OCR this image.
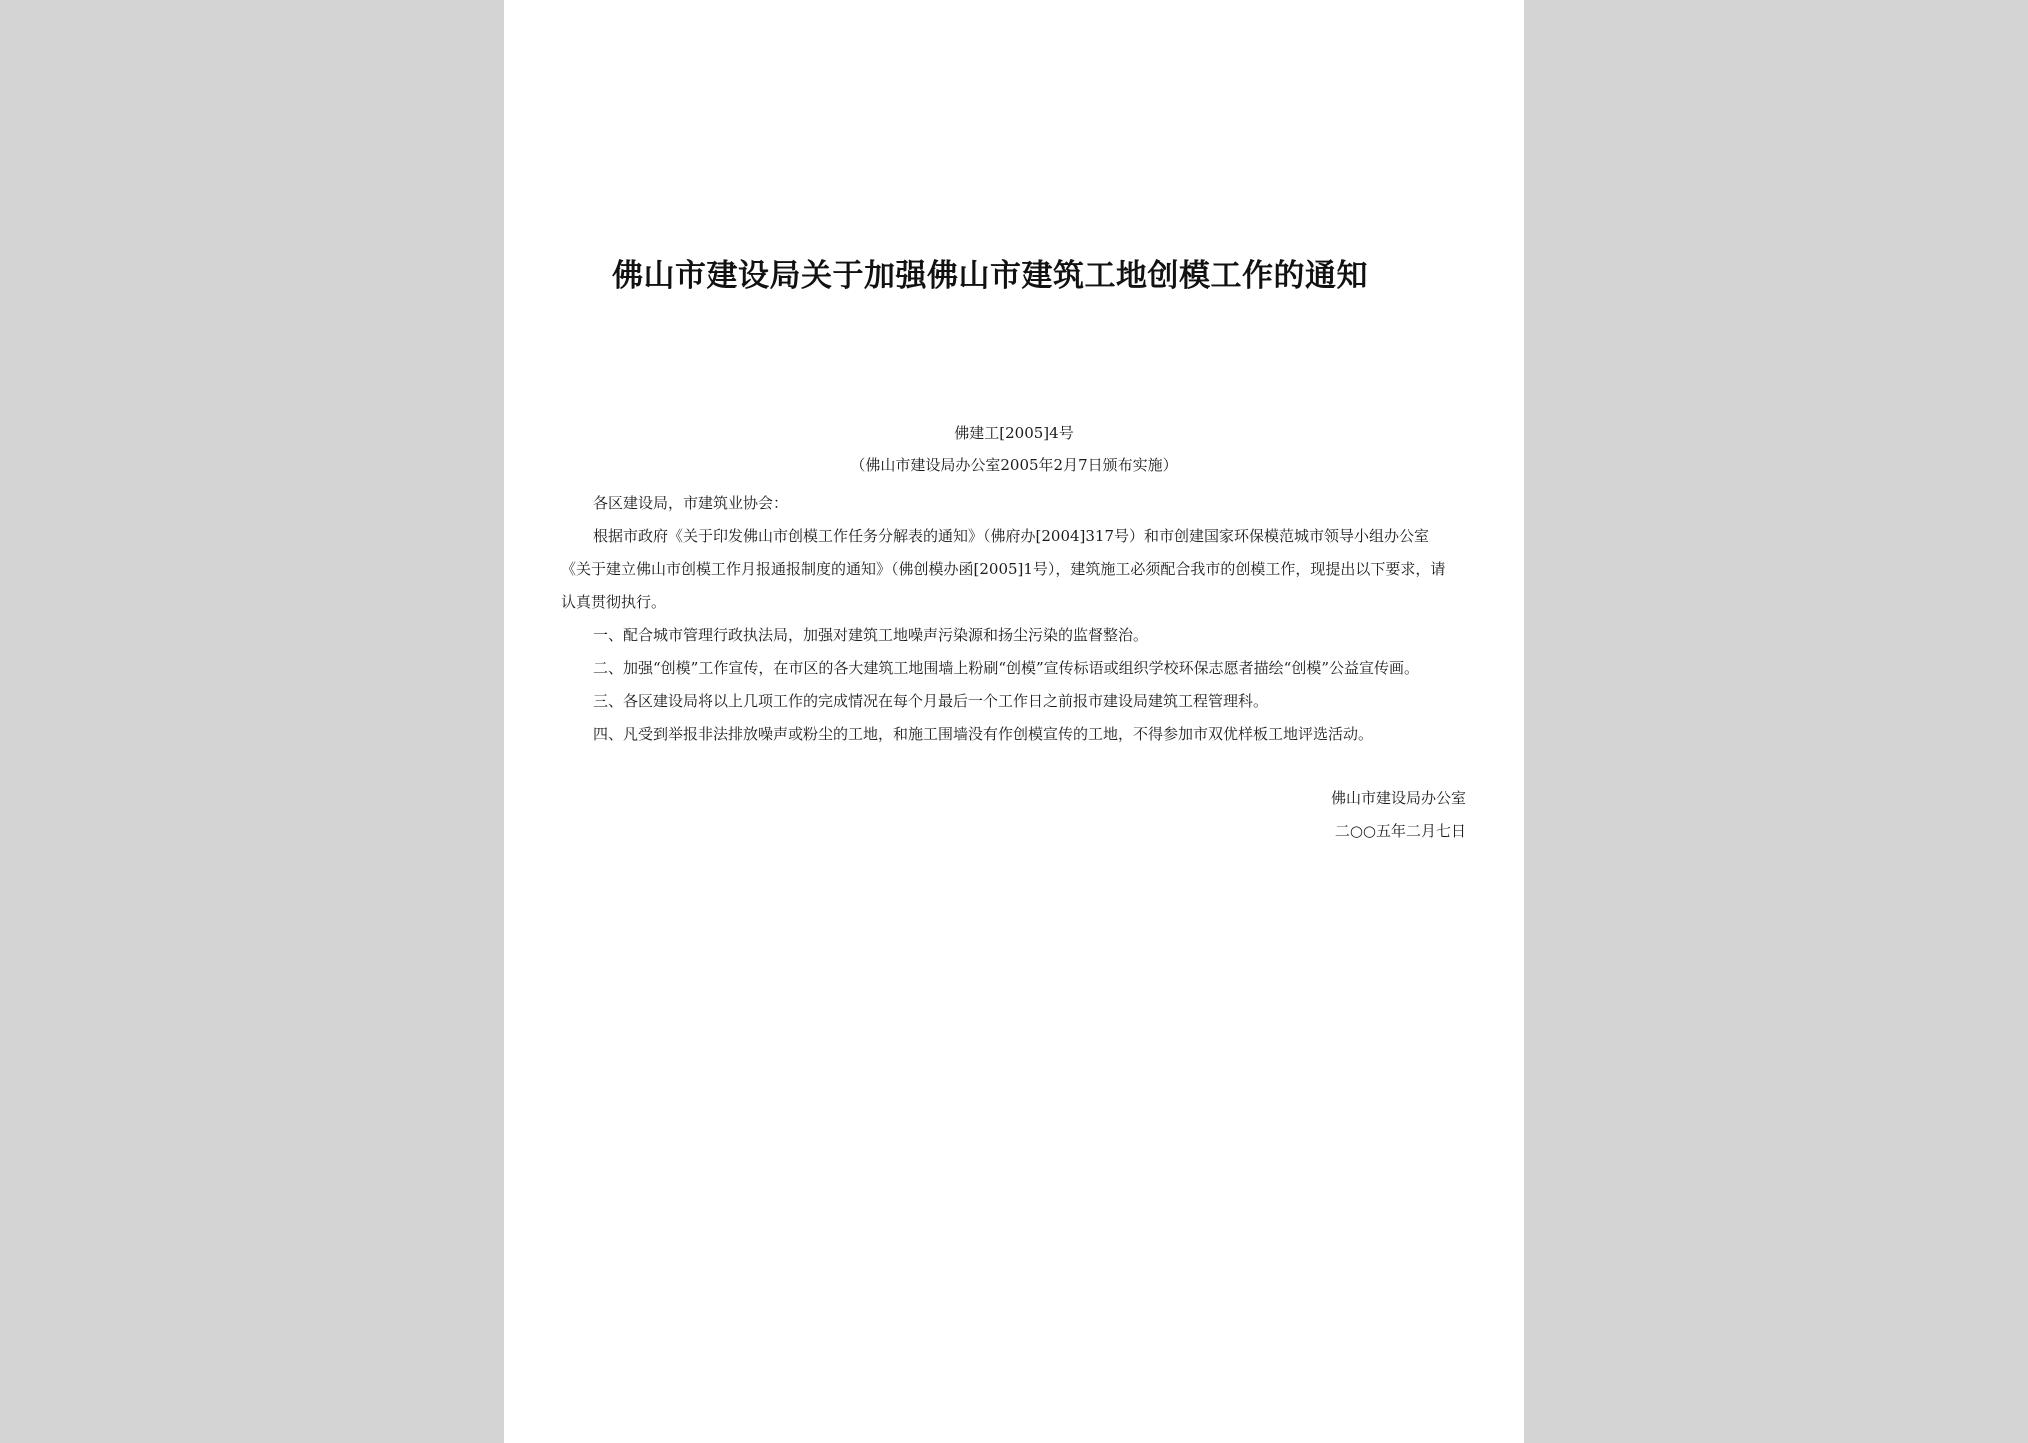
佛山市建设局关于加强佛山市建筑工地创模工作的通知

佛建工[2005]4号

（佛山市建设局办公室2005年2月7日颁布实施）

各区建设局，市建筑业协会：

根据市政府《关于印发佛山市创模工作任务分解表的通知》（佛府办[2004]317号）和市创建国家环保模范城市领导小组办公室《关于建立佛山市创模工作月报通报制度的通知》（佛创模办函[2005]1号），建筑施工必须配合我市的创模工作，现提出以下要求，请认真贯彻执行。

一、配合城市管理行政执法局，加强对建筑工地噪声污染源和扬尘污染的监督整治。

二、加强“创模”工作宣传，在市区的各大建筑工地围墙上粉刷“创模”宣传标语或组织学校环保志愿者描绘“创模”公益宣传画。

三、各区建设局将以上几项工作的完成情况在每个月最后一个工作日之前报市建设局建筑工程管理科。

四、凡受到举报非法排放噪声或粉尘的工地，和施工围墙没有作创模宣传的工地，不得参加市双优样板工地评选活动。

佛山市建设局办公室
二○○五年二月七日
